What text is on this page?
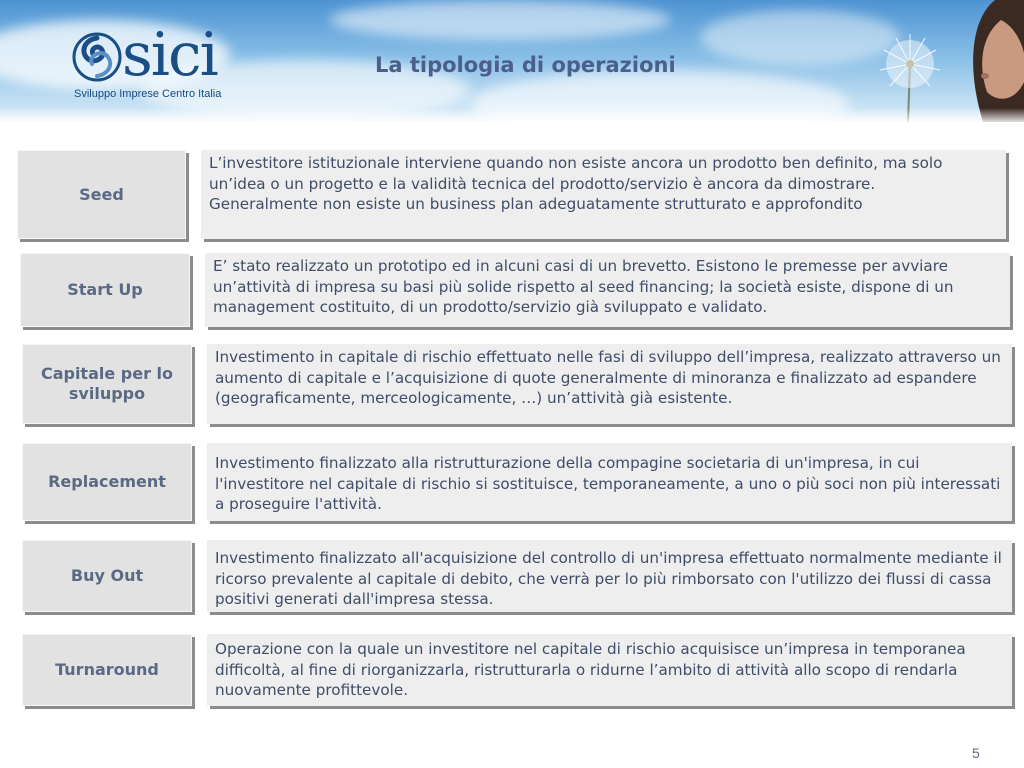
sici
Sviluppo Imprese Centro Italia
La tipologia di operazioni
Seed
L’investitore istituzionale interviene quando non esiste ancora un prodotto ben definito, ma solo un’idea o un progetto e la validità tecnica del prodotto/servizio è ancora da dimostrare.
Generalmente non esiste un business plan adeguatamente strutturato e approfondito
Start Up
E’ stato realizzato un prototipo ed in alcuni casi di un brevetto. Esistono le premesse per avviare un’attività di impresa su basi più solide rispetto al seed financing; la società esiste, dispone di un management costituito, di un prodotto/servizio già sviluppato e validato.
Capitale per lo sviluppo
Investimento in capitale di rischio effettuato nelle fasi di sviluppo dell’impresa, realizzato attraverso un aumento di capitale e l’acquisizione di quote generalmente di minoranza e finalizzato ad espandere (geograficamente, merceologicamente, …) un’attività già esistente.
Replacement
Investimento finalizzato alla ristrutturazione della compagine societaria di un'impresa, in cui l'investitore nel capitale di rischio si sostituisce, temporaneamente, a uno o più soci non più interessati a proseguire l'attività.
Buy Out
Investimento finalizzato all'acquisizione del controllo di un'impresa effettuato normalmente mediante il ricorso prevalente al capitale di debito, che verrà per lo più rimborsato con l'utilizzo dei flussi di cassa positivi generati dall'impresa stessa.
Turnaround
Operazione con la quale un investitore nel capitale di rischio acquisisce un’impresa in temporanea difficoltà, al fine di riorganizzarla, ristrutturarla o ridurne l’ambito di attività allo scopo di rendarla nuovamente profittevole.
5
